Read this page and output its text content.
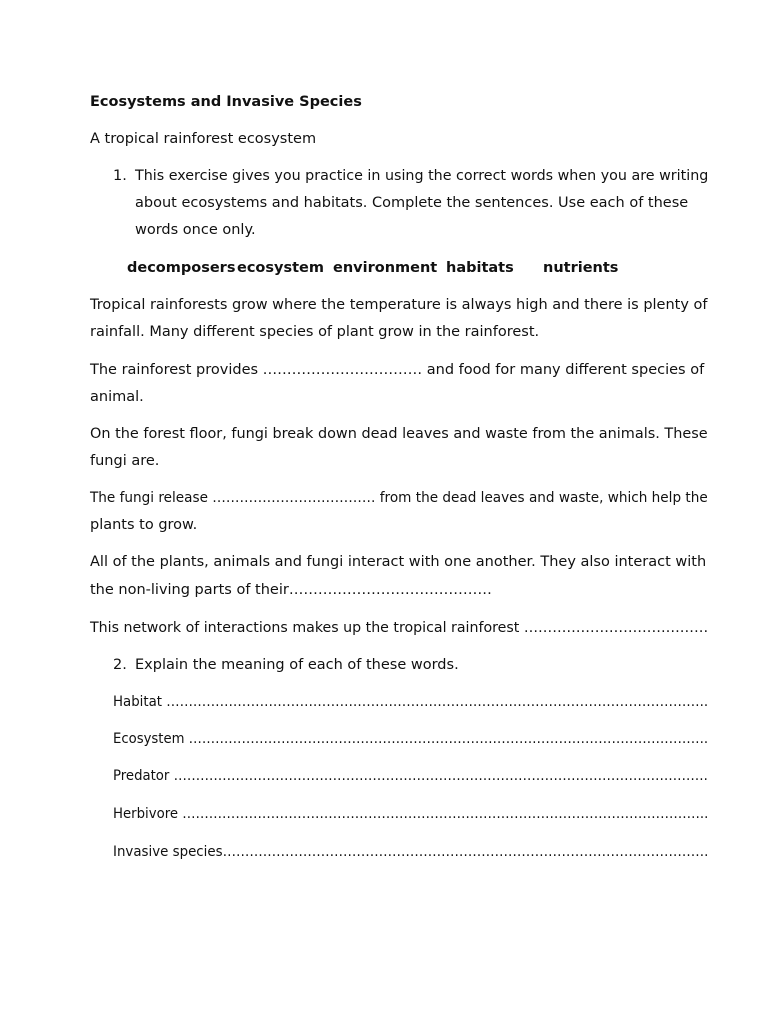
Ecosystems and Invasive Species
A tropical rainforest ecosystem
1. This exercise gives you practice in using the correct words when you are writing
about ecosystems and habitats. Complete the sentences. Use each of these
words once only.
decomposers ecosystem environment habitats nutrients
Tropical rainforests grow where the temperature is always high and there is plenty of
rainfall. Many different species of plant grow in the rainforest.
The rainforest provides …………………………… and food for many different species of
animal.
On the forest floor, fungi break down dead leaves and waste from the animals. These
fungi are.
The fungi release ……………………………… from the dead leaves and waste, which help the
plants to grow.
All of the plants, animals and fungi interact with one another. They also interact with
the non-living parts of their……………………………………
This network of interactions makes up the tropical rainforest …………………………………
2. Explain the meaning of each of these words.
Habitat …………………………………………………………………………………………………………..
Ecosystem ……………………………………………………………………………………………………….
Predator ………………………………………………………………………………………………………….
Herbivore ………………………………………………………………………………………………………..
Invasive species……………………………………………………………………………………………….
